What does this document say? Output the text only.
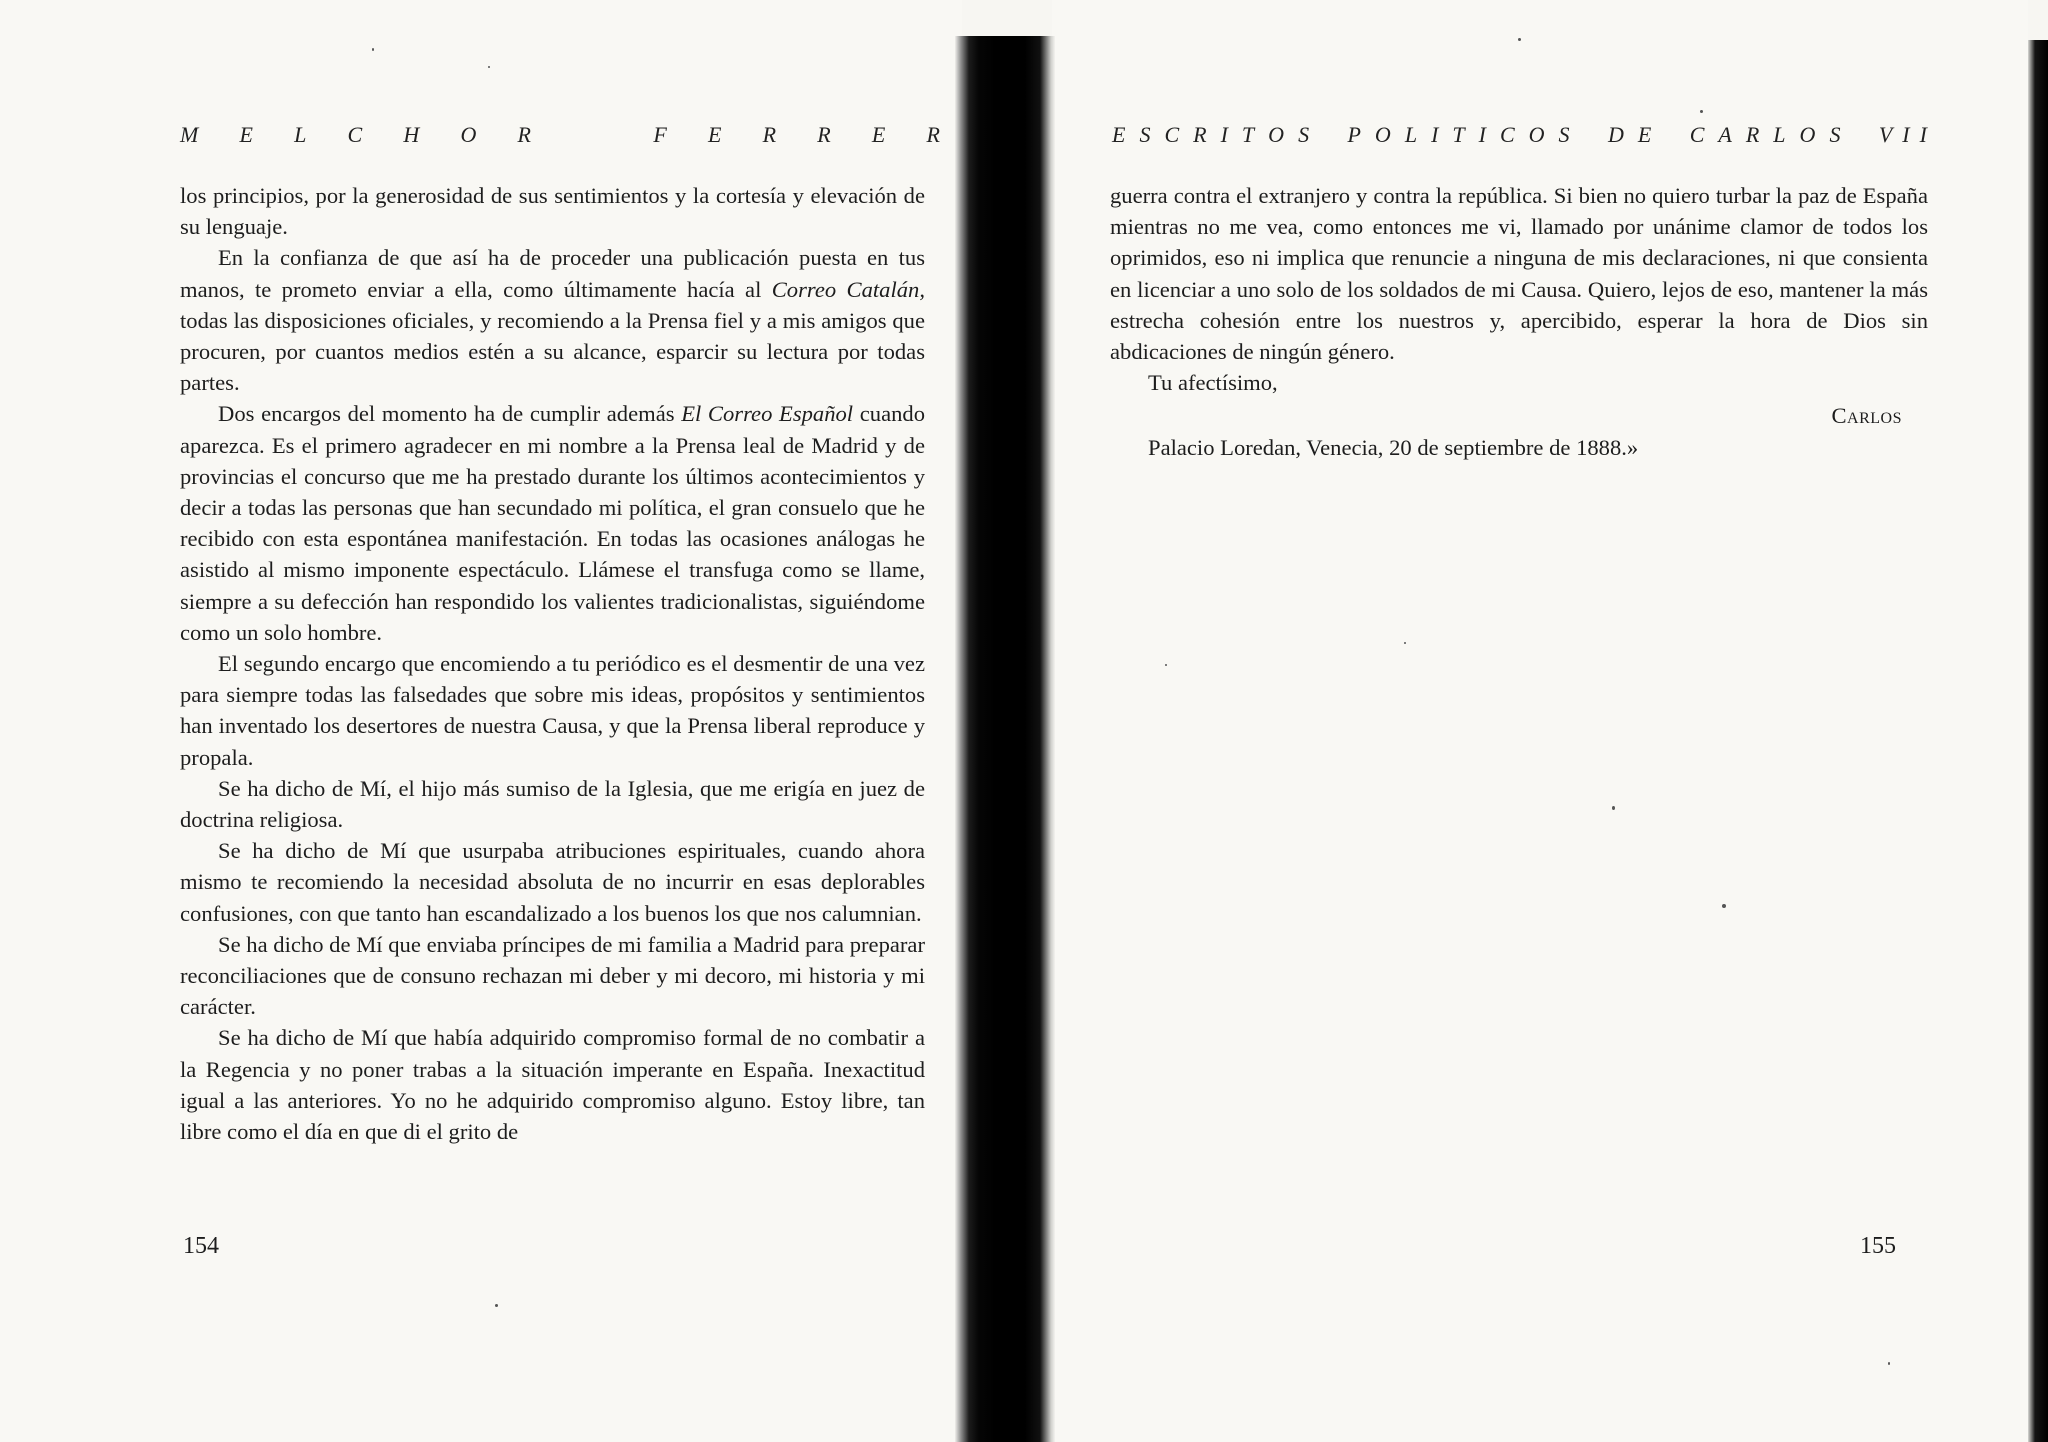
M E L C H O R	F E R R E R

los principios, por la generosidad de sus sentimientos y la cortesía y elevación de su lenguaje.

En la confianza de que así ha de proceder una publicación puesta en tus manos, te prometo enviar a ella, como últimamente hacía al Correo Catalán, todas las disposiciones oficiales, y recomiendo a la Prensa fiel y a mis amigos que procuren, por cuantos medios estén a su alcance, esparcir su lectura por todas partes.

Dos encargos del momento ha de cumplir además El Correo Español cuando aparezca. Es el primero agradecer en mi nombre a la Prensa leal de Madrid y de provincias el concurso que me ha prestado durante los últimos acontecimientos y decir a todas las personas que han secundado mi política, el gran consuelo que he recibido con esta espontánea manifestación. En todas las ocasiones análogas he asistido al mismo imponente espectáculo. Llámese el transfuga como se llame, siempre a su defección han respondido los valientes tradicionalistas, siguiéndome como un solo hombre.

El segundo encargo que encomiendo a tu periódico es el desmentir de una vez para siempre todas las falsedades que sobre mis ideas, propósitos y sentimientos han inventado los desertores de nuestra Causa, y que la Prensa liberal reproduce y propala.

Se ha dicho de Mí, el hijo más sumiso de la Iglesia, que me erigía en juez de doctrina religiosa.

Se ha dicho de Mí que usurpaba atribuciones espirituales, cuando ahora mismo te recomiendo la necesidad absoluta de no incurrir en esas deplorables confusiones, con que tanto han escandalizado a los buenos los que nos calumnian.

Se ha dicho de Mí que enviaba príncipes de mi familia a Madrid para preparar reconciliaciones que de consuno rechazan mi deber y mi decoro, mi historia y mi carácter.

Se ha dicho de Mí que había adquirido compromiso formal de no combatir a la Regencia y no poner trabas a la situación imperante en España. Inexactitud igual a las anteriores. Yo no he adquirido compromiso alguno. Estoy libre, tan libre como el día en que di el grito de

154
E S C R I T O S P O L I T I C O S D E C A R L O S V I I

guerra contra el extranjero y contra la república. Si bien no quiero turbar la paz de España mientras no me vea, como entonces me vi, llamado por unánime clamor de todos los oprimidos, eso ni implica que renuncie a ninguna de mis declaraciones, ni que consienta en licenciar a uno solo de los soldados de mi Causa. Quiero, lejos de eso, mantener la más estrecha cohesión entre los nuestros y, apercibido, esperar la hora de Dios sin abdicaciones de ningún género.

Tu afectísimo,

Carlos

Palacio Loredan, Venecia, 20 de septiembre de 1888.»

155
